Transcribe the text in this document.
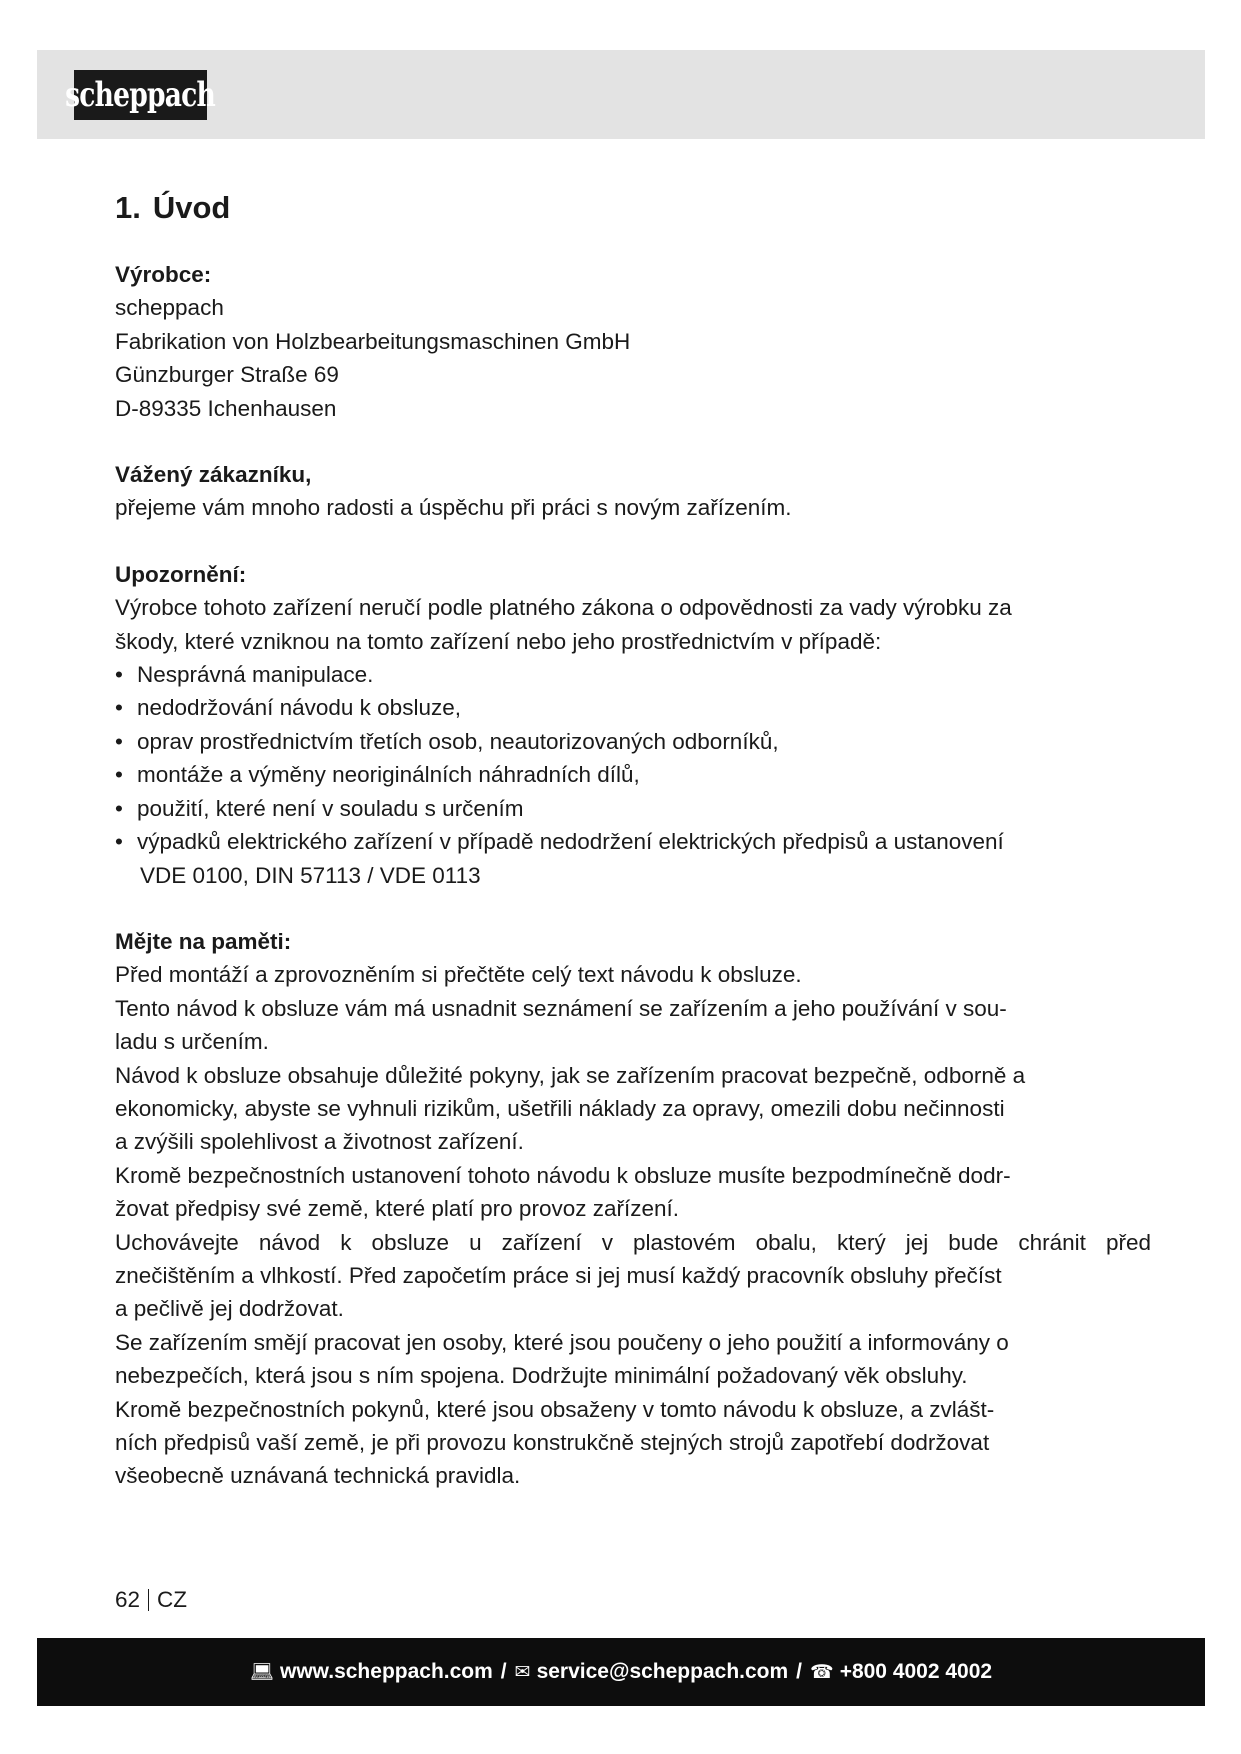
scheppach
1. Úvod
Výrobce:
scheppach
Fabrikation von Holzbearbeitungsmaschinen GmbH
Günzburger Straße 69
D-89335 Ichenhausen
Vážený zákazníku,
přejeme vám mnoho radosti a úspěchu při práci s novým zařízením.
Upozornění:
Výrobce tohoto zařízení neručí podle platného zákona o odpovědnosti za vady výrobku za
škody, které vzniknou na tomto zařízení nebo jeho prostřednictvím v případě:
• Nesprávná manipulace.
• nedodržování návodu k obsluze,
• oprav prostřednictvím třetích osob, neautorizovaných odborníků,
• montáže a výměny neoriginálních náhradních dílů,
• použití, které není v souladu s určením
• výpadků elektrického zařízení v případě nedodržení elektrických předpisů a ustanovení
VDE 0100, DIN 57113 / VDE 0113
Mějte na paměti:
Před montáží a zprovozněním si přečtěte celý text návodu k obsluze.
Tento návod k obsluze vám má usnadnit seznámení se zařízením a jeho používání v sou-
ladu s určením.
Návod k obsluze obsahuje důležité pokyny, jak se zařízením pracovat bezpečně, odborně a
ekonomicky, abyste se vyhnuli rizikům, ušetřili náklady za opravy, omezili dobu nečinnosti
a zvýšili spolehlivost a životnost zařízení.
Kromě bezpečnostních ustanovení tohoto návodu k obsluze musíte bezpodmínečně dodr-
žovat předpisy své země, které platí pro provoz zařízení.
Uchovávejte návod k obsluze u zařízení v plastovém obalu, který jej bude chránit před
znečištěním a vlhkostí. Před započetím práce si jej musí každý pracovník obsluhy přečíst
a pečlivě jej dodržovat.
Se zařízením smějí pracovat jen osoby, které jsou poučeny o jeho použití a informovány o
nebezpečích, která jsou s ním spojena. Dodržujte minimální požadovaný věk obsluhy.
Kromě bezpečnostních pokynů, které jsou obsaženy v tomto návodu k obsluze, a zvlášt-
ních předpisů vaší země, je při provozu konstrukčně stejných strojů zapotřebí dodržovat
všeobecně uznávaná technická pravidla.
62 CZ
💻︎ www.scheppach.com / ✉ service@scheppach.com / ☎ +800 4002 4002
